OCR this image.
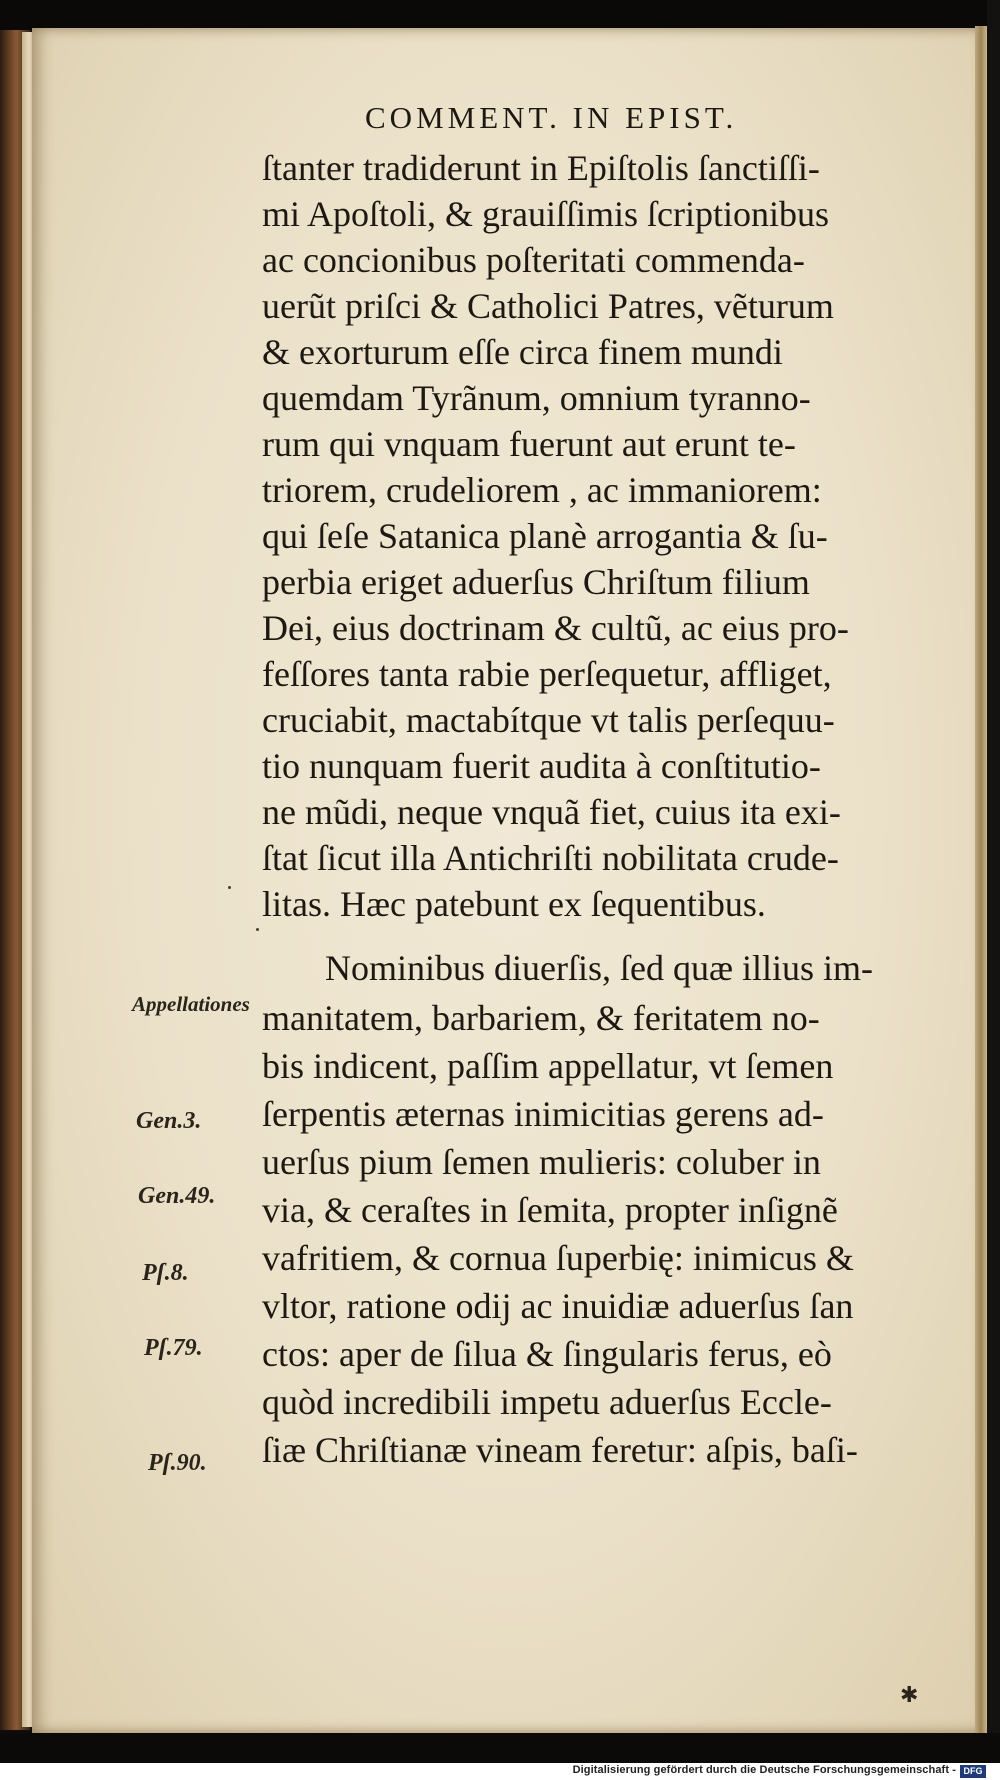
COMMENT. IN EPIST.
ſtanter tradiderunt in Epiſtolis ſanctiſſi-
mi Apoſtoli, & grauiſſimis ſcriptionibus
ac concionibus poſteritati commenda-
uerũt priſci & Catholici Patres, vẽturum
& exorturum eſſe circa finem mundi
quemdam Tyrãnum, omnium tyranno-
rum qui vnquam fuerunt aut erunt te-
triorem, crudeliorem , ac immaniorem:
qui ſeſe Satanica planè arrogantia & ſu-
perbia eriget aduerſus Chriſtum filium
Dei, eius doctrinam & cultũ, ac eius pro-
feſſores tanta rabie perſequetur, affliget,
cruciabit, mactabítque vt talis perſequu-
tio nunquam fuerit audita à conſtitutio-
ne mũdi, neque vnquã fiet, cuius ita exi-
ſtat ſicut illa Antichriſti nobilitata crude-
litas. Hæc patebunt ex ſequentibus.
Nominibus diuerſis, ſed quæ illius im-
manitatem, barbariem, & feritatem no-
bis indicent, paſſim appellatur, vt ſemen
ſerpentis æternas inimicitias gerens ad-
uerſus pium ſemen mulieris: coluber in
via, & ceraſtes in ſemita, propter inſignẽ
vafritiem, & cornua ſuperbię: inimicus &
vltor, ratione odij ac inuidiæ aduerſus ſan
ctos: aper de ſilua & ſingularis ferus, eò
quòd incredibili impetu aduerſus Eccle-
ſiæ Chriſtianæ vineam feretur: aſpis, baſi-
Appellationes
Gen.3.
Gen.49.
Pſ.8.
Pſ.79.
Pſ.90.
✱
Digitalisierung gefördert durch die Deutsche Forschungsgemeinschaft - DFG
